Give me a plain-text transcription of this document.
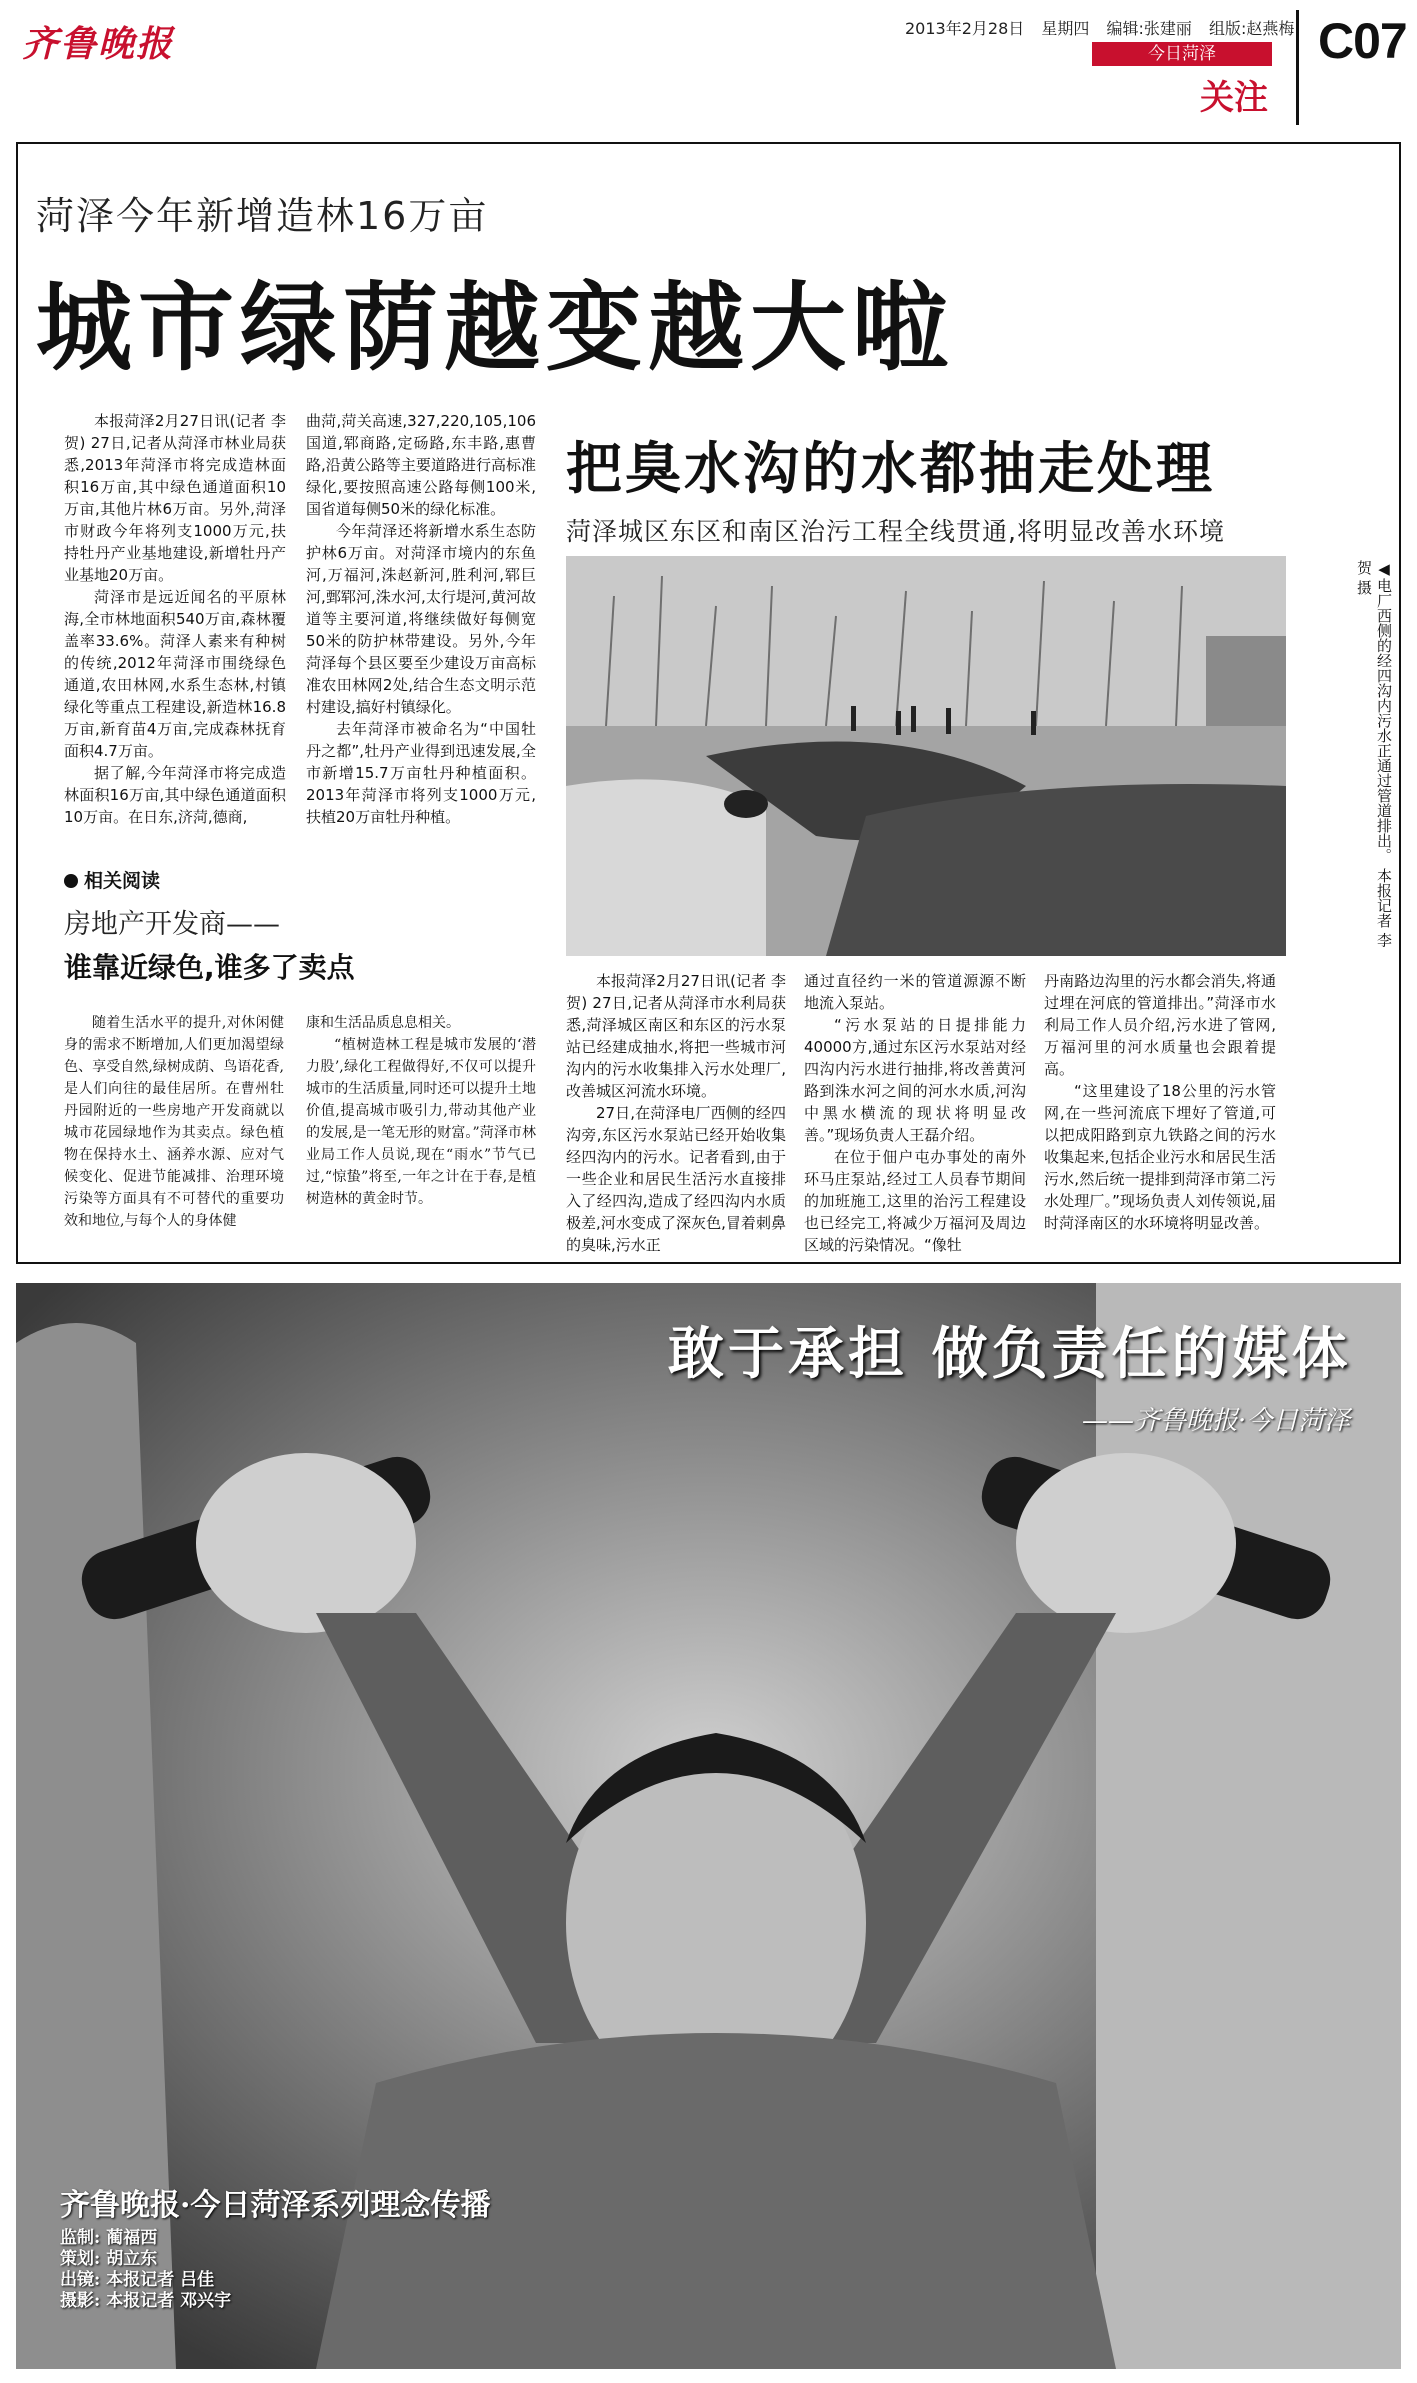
齐鲁晚报	2013年2月28日 星期四 编辑:张建丽 组版:赵燕梅
今日菏泽
关注
C07
菏泽今年新增造林16万亩
城市绿荫越变越大啦

本报菏泽2月27日讯(记者 李贺) 27日,记者从菏泽市林业局获悉,2013年菏泽市将完成造林面积16万亩,其中绿色通道面积10万亩,其他片林6万亩。另外,菏泽市财政今年将列支1000万元,扶持牡丹产业基地建设,新增牡丹产业基地20万亩。

菏泽市是远近闻名的平原林海,全市林地面积540万亩,森林覆盖率33.6%。菏泽人素来有种树的传统,2012年菏泽市围绕绿色通道,农田林网,水系生态林,村镇绿化等重点工程建设,新造林16.8万亩,新育苗4万亩,完成森林抚育面积4.7万亩。

据了解,今年菏泽市将完成造林面积16万亩,其中绿色通道面积10万亩。在日东,济菏,德商,

曲菏,菏关高速,327,220,105,106国道,郓商路,定砀路,东丰路,惠曹路,沿黄公路等主要道路进行高标准绿化,要按照高速公路每侧100米,国省道每侧50米的绿化标准。

今年菏泽还将新增水系生态防护林6万亩。对菏泽市境内的东鱼河,万福河,洙赵新河,胜利河,郓巨河,鄄郓河,洙水河,太行堤河,黄河故道等主要河道,将继续做好每侧宽50米的防护林带建设。另外,今年菏泽每个县区要至少建设万亩高标准农田林网2处,结合生态文明示范村建设,搞好村镇绿化。

去年菏泽市被命名为“中国牡丹之都”,牡丹产业得到迅速发展,全市新增15.7万亩牡丹种植面积。2013年菏泽市将列支1000万元,扶植20万亩牡丹种植。

相关阅读
房地产开发商——
谁靠近绿色,谁多了卖点

随着生活水平的提升,对休闲健身的需求不断增加,人们更加渴望绿色、享受自然,绿树成荫、鸟语花香,是人们向往的最佳居所。在曹州牡丹园附近的一些房地产开发商就以城市花园绿地作为其卖点。绿色植物在保持水土、涵养水源、应对气候变化、促进节能减排、治理环境污染等方面具有不可替代的重要功效和地位,与每个人的身体健

康和生活品质息息相关。

“植树造林工程是城市发展的‘潜力股’,绿化工程做得好,不仅可以提升城市的生活质量,同时还可以提升土地价值,提高城市吸引力,带动其他产业的发展,是一笔无形的财富。”菏泽市林业局工作人员说,现在“雨水”节气已过,“惊蛰”将至,一年之计在于春,是植树造林的黄金时节。

把臭水沟的水都抽走处理
菏泽城区东区和南区治污工程全线贯通,将明显改善水环境
◀电厂西侧的经四沟内污水正通过管道排出。 本报记者 李贺 摄

本报菏泽2月27日讯(记者 李贺) 27日,记者从菏泽市水利局获悉,菏泽城区南区和东区的污水泵站已经建成抽水,将把一些城市河沟内的污水收集排入污水处理厂,改善城区河流水环境。

27日,在菏泽电厂西侧的经四沟旁,东区污水泵站已经开始收集经四沟内的污水。记者看到,由于一些企业和居民生活污水直接排入了经四沟,造成了经四沟内水质极差,河水变成了深灰色,冒着刺鼻的臭味,污水正

通过直径约一米的管道源源不断地流入泵站。

“污水泵站的日提排能力40000方,通过东区污水泵站对经四沟内污水进行抽排,将改善黄河路到洙水河之间的河水水质,河沟中黑水横流的现状将明显改善。”现场负责人王磊介绍。

在位于佃户屯办事处的南外环马庄泵站,经过工人员春节期间的加班施工,这里的治污工程建设也已经完工,将减少万福河及周边区域的污染情况。“像牡

丹南路边沟里的污水都会消失,将通过埋在河底的管道排出。”菏泽市水利局工作人员介绍,污水进了管网,万福河里的河水质量也会跟着提高。

“这里建设了18公里的污水管网,在一些河流底下埋好了管道,可以把成阳路到京九铁路之间的污水收集起来,包括企业污水和居民生活污水,然后统一提排到菏泽市第二污水处理厂。”现场负责人刘传领说,届时菏泽南区的水环境将明显改善。

敢于承担 做负责任的媒体
——齐鲁晚报·今日菏泽
齐鲁晚报·今日菏泽系列理念传播
监制: 蔺福西
策划: 胡立东
出镜: 本报记者 吕佳
摄影: 本报记者 邓兴宇
